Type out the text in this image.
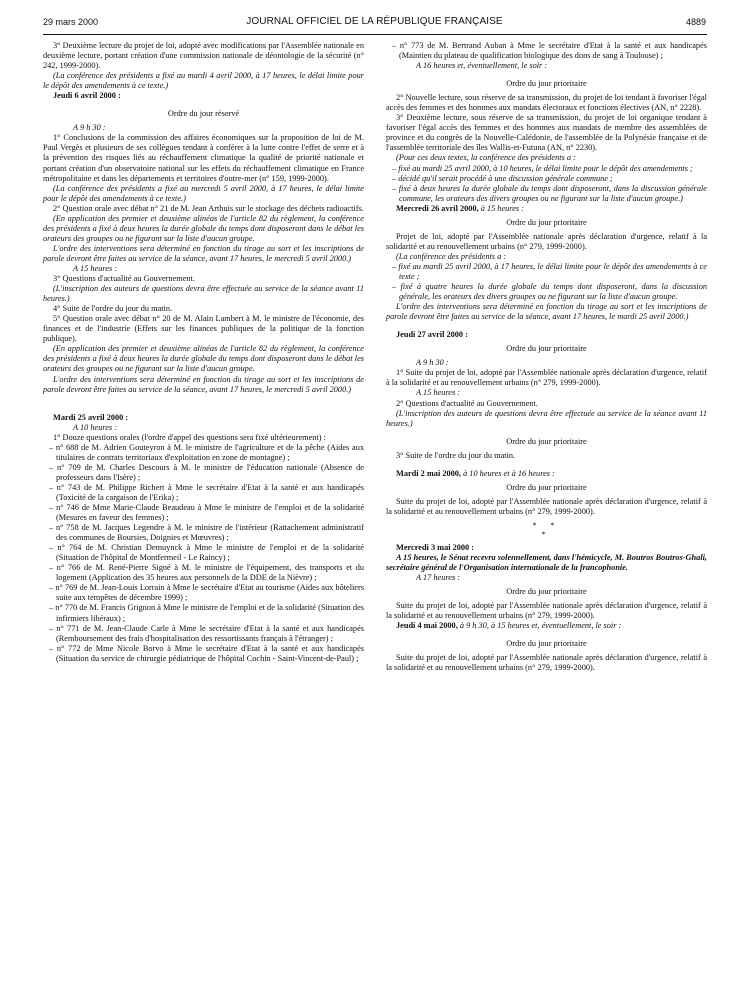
29 mars 2000	JOURNAL OFFICIEL DE LA RÉPUBLIQUE FRANÇAISE	4889

3° Deuxième lecture du projet de loi, adopté avec modifications par l'Assemblée nationale en deuxième lecture, portant création d'une commission nationale de déontologie de la sécurité (n° 242, 1999-2000).

(La conférence des présidents a fixé au mardi 4 avril 2000, à 17 heures, le délai limite pour le dépôt des amendements à ce texte.)

Jeudi 6 avril 2000 :

Ordre du jour réservé

A 9 h 30 :

1° Conclusions de la commission des affaires économiques sur la proposition de loi de M. Paul Vergès et plusieurs de ses collègues tendant à conférer à la lutte contre l'effet de serre et à la prévention des risques liés au réchauffement climatique la qualité de priorité nationale et portant création d'un observatoire national sur les effets du réchauffement climatique en France métropolitaine et dans les départements et territoires d'outre-mer (n° 159, 1999-2000).

(La conférence des présidents a fixé au mercredi 5 avril 2000, à 17 heures, le délai limite pour le dépôt des amendements à ce texte.)

2° Question orale avec débat n° 21 de M. Jean Arthuis sur le stockage des déchets radioactifs.

(En application des premier et deuxième alinéas de l'article 82 du règlement, la conférence des présidents a fixé à deux heures la durée globale du temps dont disposeront dans le débat les orateurs des groupes ou ne figurant sur la liste d'aucun groupe.

L'ordre des interventions sera déterminé en fonction du tirage au sort et les inscriptions de parole devront être faites au service de la séance, avant 17 heures, le mercredi 5 avril 2000.)

A 15 heures :

3° Questions d'actualité au Gouvernement.

(L'inscription des auteurs de questions devra être effectuée au service de la séance avant 11 heures.)

4° Suite de l'ordre du jour du matin.

5° Question orale avec débat n° 20 de M. Alain Lambert à M. le ministre de l'économie, des finances et de l'industrie (Effets sur les finances publiques de la politique de la fonction publique).

(En application des premier et deuxième alinéas de l'article 82 du règlement, la conférence des présidents a fixé à deux heures la durée globale du temps dont disposeront dans le débat les orateurs des groupes ou ne figurant sur la liste d'aucun groupe.

L'ordre des interventions sera déterminé en fonction du tirage au sort et les inscriptions de parole devront être faites au service de la séance, avant 17 heures, le mercredi 5 avril 2000.)

Mardi 25 avril 2000 :

A 10 heures :

1° Douze questions orales (l'ordre d'appel des questions sera fixé ultérieurement) :

– n° 688 de M. Adrien Gouteyron à M. le ministre de l'agriculture et de la pêche (Aides aux titulaires de contrats territoriaux d'exploitation en zone de montagne) ;

– n° 709 de M. Charles Descours à M. le ministre de l'éducation nationale (Absence de professeurs dans l'Isère) ;

– n° 743 de M. Philippe Richert à Mme le secrétaire d'Etat à la santé et aux handicapés (Toxicité de la cargaison de l'Erika) ;

– n° 746 de Mme Marie-Claude Beaudeau à Mme le ministre de l'emploi et de la solidarité (Mesures en faveur des femmes) ;

– n° 758 de M. Jacques Legendre à M. le ministre de l'intérieur (Rattachement administratif des communes de Boursies, Doignies et Mœuvres) ;

– n° 764 de M. Christian Demuynck à Mme le ministre de l'emploi et de la solidarité (Situation de l'hôpital de Montfermeil - Le Raincy) ;

– n° 766 de M. René-Pierre Signé à M. le ministre de l'équipement, des transports et du logement (Application des 35 heures aux personnels de la DDE de la Nièvre) ;

– n° 769 de M. Jean-Louis Lorrain à Mme le secrétaire d'Etat au tourisme (Aides aux hôteliers suite aux tempêtes de décembre 1999) ;

– n° 770 de M. Francis Grignon à Mme le ministre de l'emploi et de la solidarité (Situation des infirmiers libéraux) ;

– n° 771 de M. Jean-Claude Carle à Mme le secrétaire d'Etat à la santé et aux handicapés (Remboursement des frais d'hospitalisation des ressortissants français à l'étranger) ;

– n° 772 de Mme Nicole Borvo à Mme le secrétaire d'Etat à la santé et aux handicapés (Situation du service de chirurgie pédiatrique de l'hôpital Cochin - Saint-Vincent-de-Paul) ;

– n° 773 de M. Bertrand Auban à Mme le secrétaire d'Etat à la santé et aux handicapés (Maintien du plateau de qualification biologique des dons de sang à Toulouse) ;

A 16 heures et, éventuellement, le soir :

Ordre du jour prioritaire

2° Nouvelle lecture, sous réserve de sa transmission, du projet de loi tendant à favoriser l'égal accès des femmes et des hommes aux mandats électoraux et fonctions électives (AN, n° 2228).

3° Deuxième lecture, sous réserve de sa transmission, du projet de loi organique tendant à favoriser l'égal accès des femmes et des hommes aux mandats de membre des assemblées de province et du congrès de la Nouvelle-Calédonie, de l'assemblée de la Polynésie française et de l'assemblée territoriale des îles Wallis-et-Futuna (AN, n° 2230).

(Pour ces deux textes, la conférence des présidents a :

– fixé au mardi 25 avril 2000, à 10 heures, le délai limite pour le dépôt des amendements ;

– décidé qu'il serait procédé à une discussion générale commune ;

– fixé à deux heures la durée globale du temps dont disposeront, dans la discussion générale commune, les orateurs des divers groupes ou ne figurant sur la liste d'aucun groupe.)

Mercredi 26 avril 2000, à 15 heures :

Ordre du jour prioritaire

Projet de loi, adopté par l'Assemblée nationale après déclaration d'urgence, relatif à la solidarité et au renouvellement urbains (n° 279, 1999-2000).

(La conférence des présidents a :

– fixé au mardi 25 avril 2000, à 17 heures, le délai limite pour le dépôt des amendements à ce texte ;

– fixé à quatre heures la durée globale du temps dont disposeront, dans la discussion générale, les orateurs des divers groupes ou ne figurant sur la liste d'aucun groupe.

L'ordre des interventions sera déterminé en fonction du tirage au sort et les inscriptions de parole devront être faites au service de la séance, avant 17 heures, le mardi 25 avril 2000.)

Jeudi 27 avril 2000 :

Ordre du jour prioritaire

A 9 h 30 :

1° Suite du projet de loi, adopté par l'Assemblée nationale après déclaration d'urgence, relatif à la solidarité et au renouvellement urbains (n° 279, 1999-2000).

A 15 heures :

2° Questions d'actualité au Gouvernement.

(L'inscription des auteurs de questions devra être effectuée au service de la séance avant 11 heures.)

Ordre du jour prioritaire

3° Suite de l'ordre du jour du matin.

Mardi 2 mai 2000, à 10 heures et à 16 heures :

Ordre du jour prioritaire

Suite du projet de loi, adopté par l'Assemblée nationale après déclaration d'urgence, relatif à la solidarité et au renouvellement urbains (n° 279, 1999-2000).

* *
*

Mercredi 3 mai 2000 :

A 15 heures, le Sénat recevra solennellement, dans l'hémicycle, M. Boutros Boutros-Ghali, secrétaire général de l'Organisation internationale de la francophonie.

A 17 heures :

Ordre du jour prioritaire

Suite du projet de loi, adopté par l'Assemblée nationale après déclaration d'urgence, relatif à la solidarité et au renouvellement urbains (n° 279, 1999-2000).

Jeudi 4 mai 2000, à 9 h 30, à 15 heures et, éventuellement, le soir :

Ordre du jour prioritaire

Suite du projet de loi, adopté par l'Assemblée nationale après déclaration d'urgence, relatif à la solidarité et au renouvellement urbains (n° 279, 1999-2000).
